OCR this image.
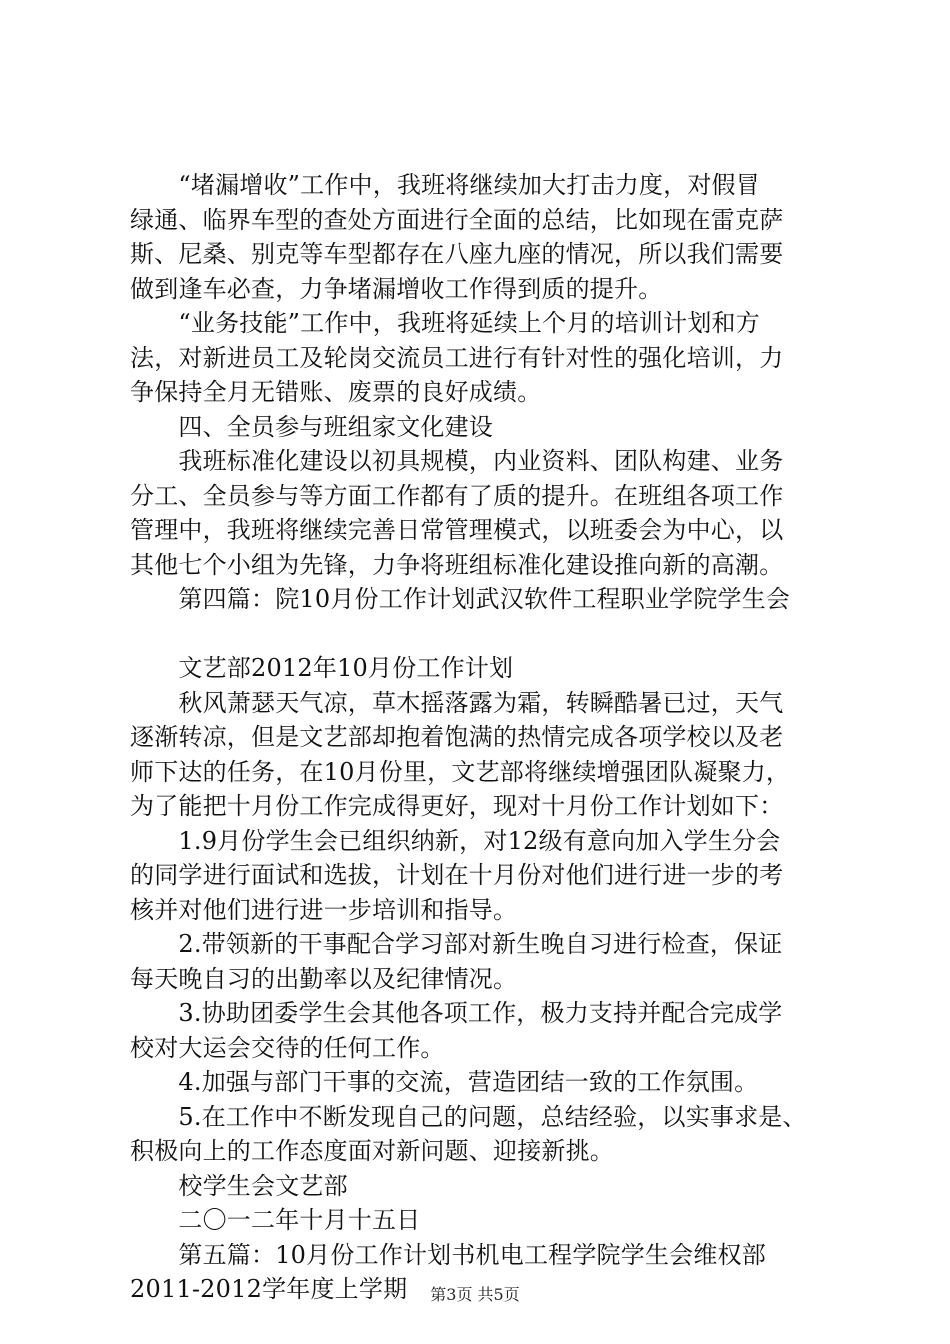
　　“堵漏增收”工作中，我班将继续加大打击力度，对假冒
绿通、临界车型的查处方面进行全面的总结，比如现在雷克萨
斯、尼桑、别克等车型都存在八座九座的情况，所以我们需要
做到逢车必查，力争堵漏增收工作得到质的提升。
　　“业务技能”工作中，我班将延续上个月的培训计划和方
法，对新进员工及轮岗交流员工进行有针对性的强化培训，力
争保持全月无错账、废票的良好成绩。
　　四、全员参与班组家文化建设
　　我班标准化建设以初具规模，内业资料、团队构建、业务
分工、全员参与等方面工作都有了质的提升。在班组各项工作
管理中，我班将继续完善日常管理模式，以班委会为中心，以
其他七个小组为先锋，力争将班组标准化建设推向新的高潮。
　　第四篇：院10月份工作计划武汉软件工程职业学院学生会
　　文艺部2012年10月份工作计划
　　秋风萧瑟天气凉，草木摇落露为霜，转瞬酷暑已过，天气
逐渐转凉，但是文艺部却抱着饱满的热情完成各项学校以及老
师下达的任务，在10月份里，文艺部将继续增强团队凝聚力，
为了能把十月份工作完成得更好，现对十月份工作计划如下：
　　1.9月份学生会已组织纳新，对12级有意向加入学生分会
的同学进行面试和选拔，计划在十月份对他们进行进一步的考
核并对他们进行进一步培训和指导。
　　2.带领新的干事配合学习部对新生晚自习进行检查，保证
每天晚自习的出勤率以及纪律情况。
　　3.协助团委学生会其他各项工作，极力支持并配合完成学
校对大运会交待的任何工作。
　　4.加强与部门干事的交流，营造团结一致的工作氛围。
　　5.在工作中不断发现自己的问题，总结经验，以实事求是、
积极向上的工作态度面对新问题、迎接新挑。
　　校学生会文艺部
　　二〇一二年十月十五日
　　第五篇：10月份工作计划书机电工程学院学生会维权部
2011-2012学年度上学期	第3页 共5页
